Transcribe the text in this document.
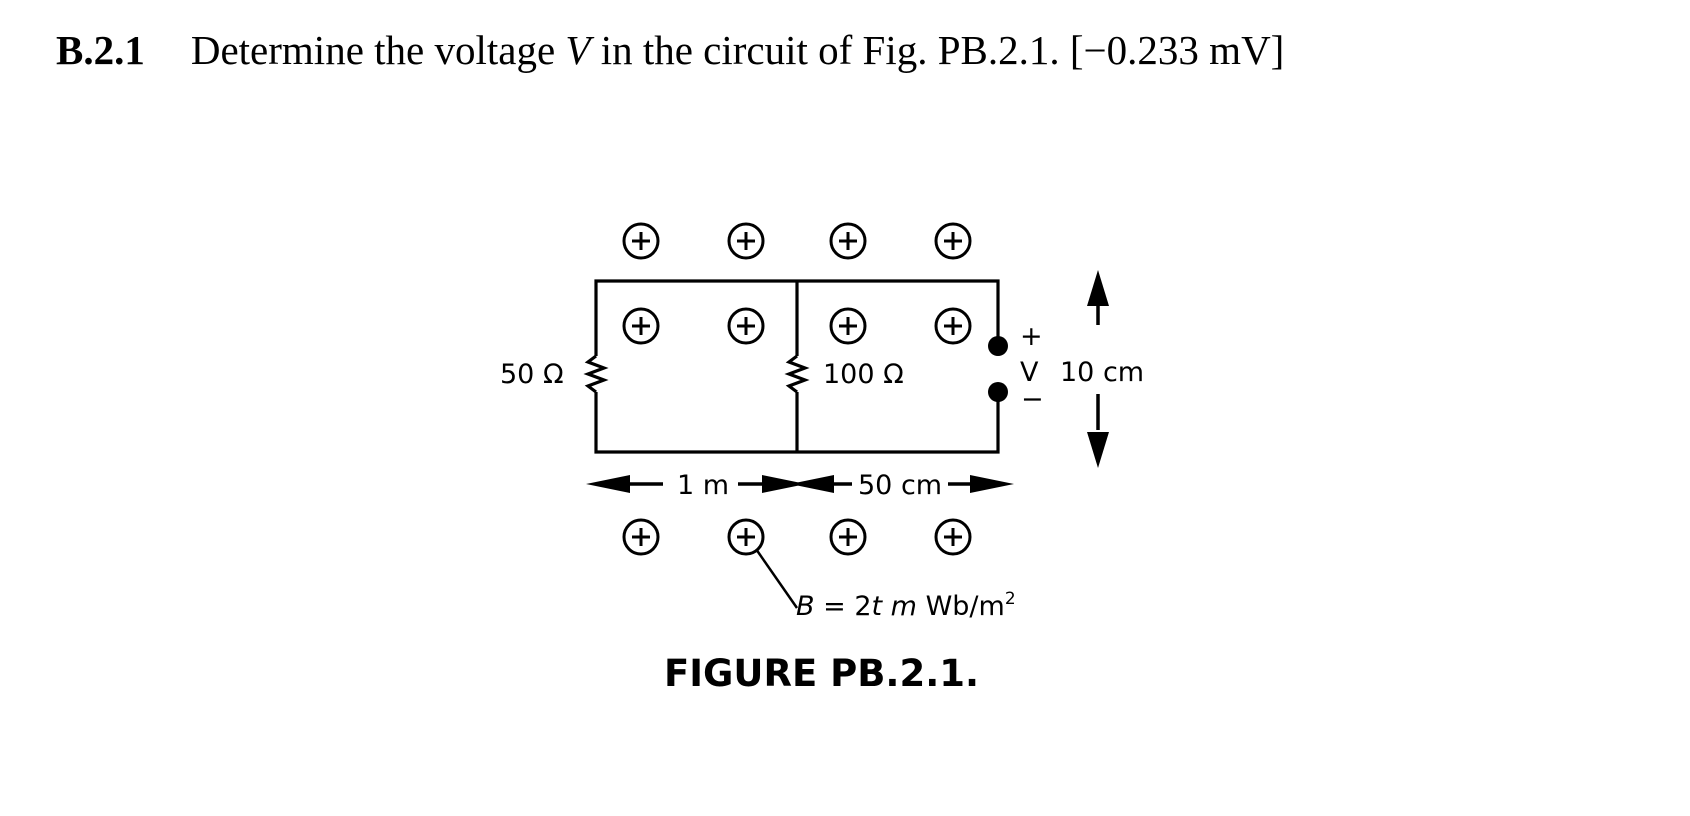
B.2.1 Determine the voltage V in the circuit of Fig. PB.2.1. [−0.233 mV]
50 Ω	100 Ω
+
V
−
10 cm
1 m	50 cm
B = 2t m $Wb/m^2$
FIGURE PB.2.1.
